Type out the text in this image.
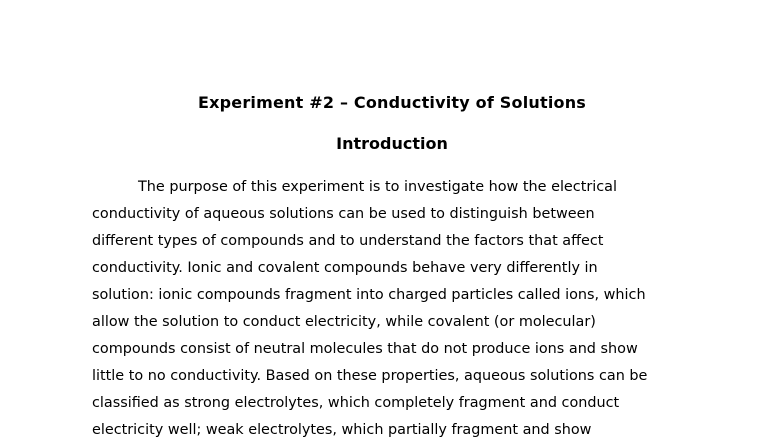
Experiment #2 – Conductivity of Solutions
Introduction
The purpose of this experiment is to investigate how the electrical
conductivity of aqueous solutions can be used to distinguish between
different types of compounds and to understand the factors that affect
conductivity. Ionic and covalent compounds behave very differently in
solution: ionic compounds fragment into charged particles called ions, which
allow the solution to conduct electricity, while covalent (or molecular)
compounds consist of neutral molecules that do not produce ions and show
little to no conductivity. Based on these properties, aqueous solutions can be
classified as strong electrolytes, which completely fragment and conduct
electricity well; weak electrolytes, which partially fragment and show
